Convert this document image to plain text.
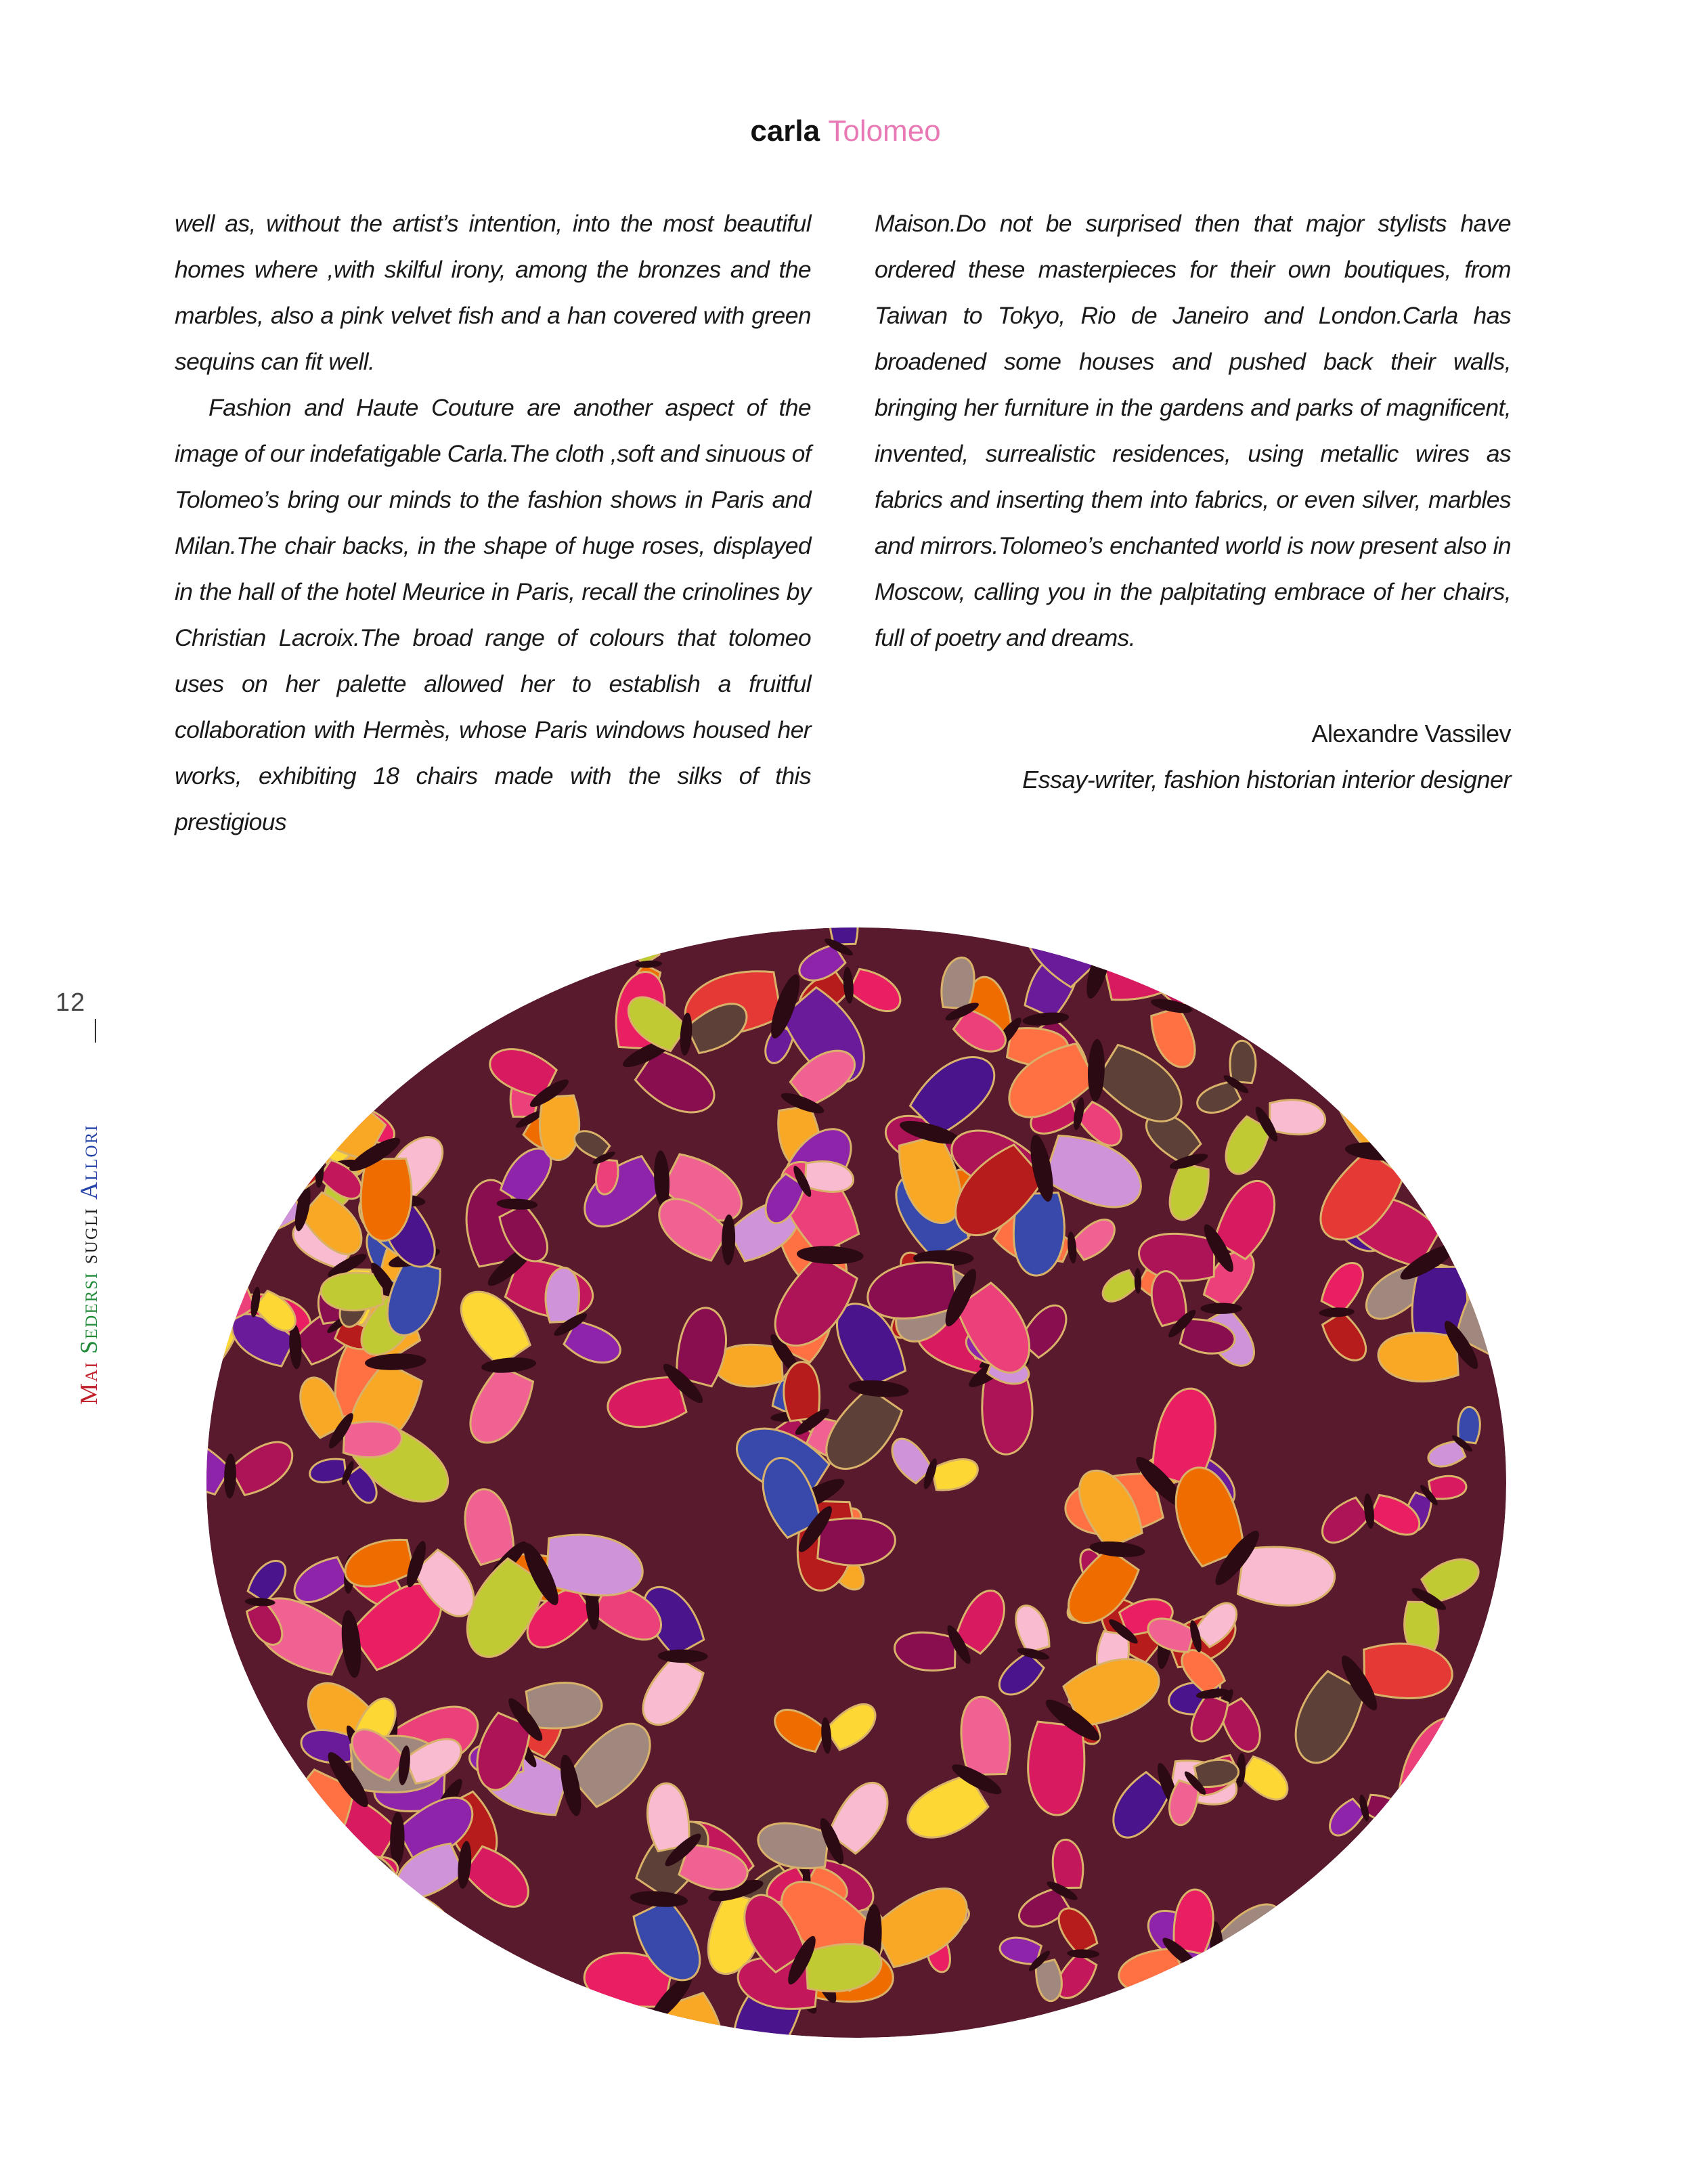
carla Tolomeo

well as, without the artist’s intention, into the most beautiful homes where ,with skilful irony, among the bronzes and the marbles, also a pink velvet fish and a han covered with green sequins can fit well.

Fashion and Haute Couture are another aspect of the image of our indefatigable Carla.The cloth ,soft and sinuous of Tolomeo’s bring our minds to the fashion shows in Paris and Milan.The chair backs, in the shape of huge roses, displayed in the hall of the hotel Meurice in Paris, recall the crinolines by Christian Lacroix.The broad range of colours that tolomeo uses on her palette allowed her to establish a fruitful collaboration with Hermès, whose Paris windows housed her works, exhibiting 18 chairs made with the silks of this prestigious

Maison.Do not be surprised then that major stylists have ordered these masterpieces for their own boutiques, from Taiwan to Tokyo, Rio de Janeiro and London.Carla has broadened some houses and pushed back their walls, bringing her furniture in the gardens and parks of magnificent, invented, surrealistic residences, using metallic wires as fabrics and inserting them into fabrics, or even silver, marbles and mirrors.Tolomeo’s enchanted world is now present also in Moscow, calling you in the palpitating embrace of her chairs, full of poetry and dreams.

Alexandre Vassilev
Essay-writer, fashion historian interior designer
12
Mai

Sedersi

sugli

Allori
